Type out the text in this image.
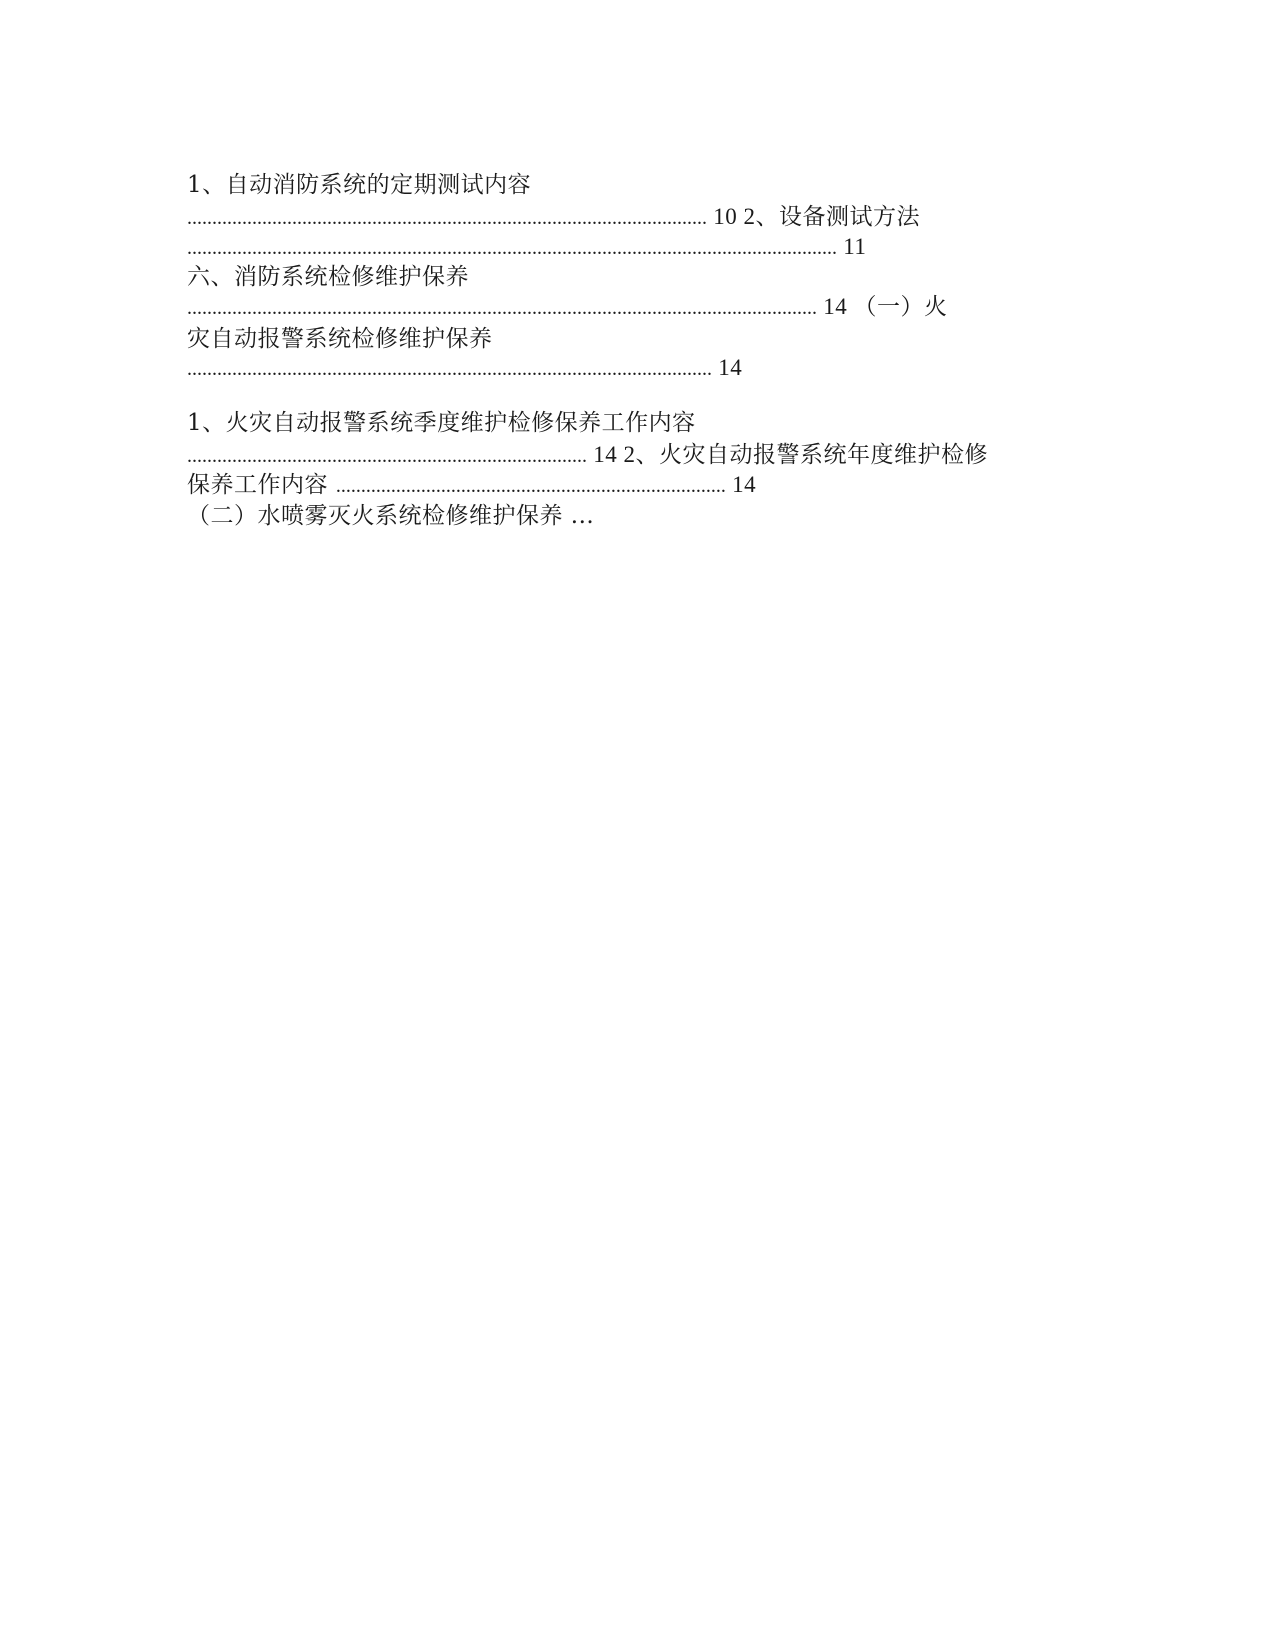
1、自动消防系统的定期测试内容
........................................................................................................ 10 2、设备测试方法
.................................................................................................................................. 11
六、消防系统检修维护保养
.............................................................................................................................. 14 （一）火
灾自动报警系统检修维护保养
......................................................................................................... 14
1、火灾自动报警系统季度维护检修保养工作内容
................................................................................ 14 2、火灾自动报警系统年度维护检修
保养工作内容 .............................................................................. 14
（二）水喷雾灭火系统检修维护保养 ...
